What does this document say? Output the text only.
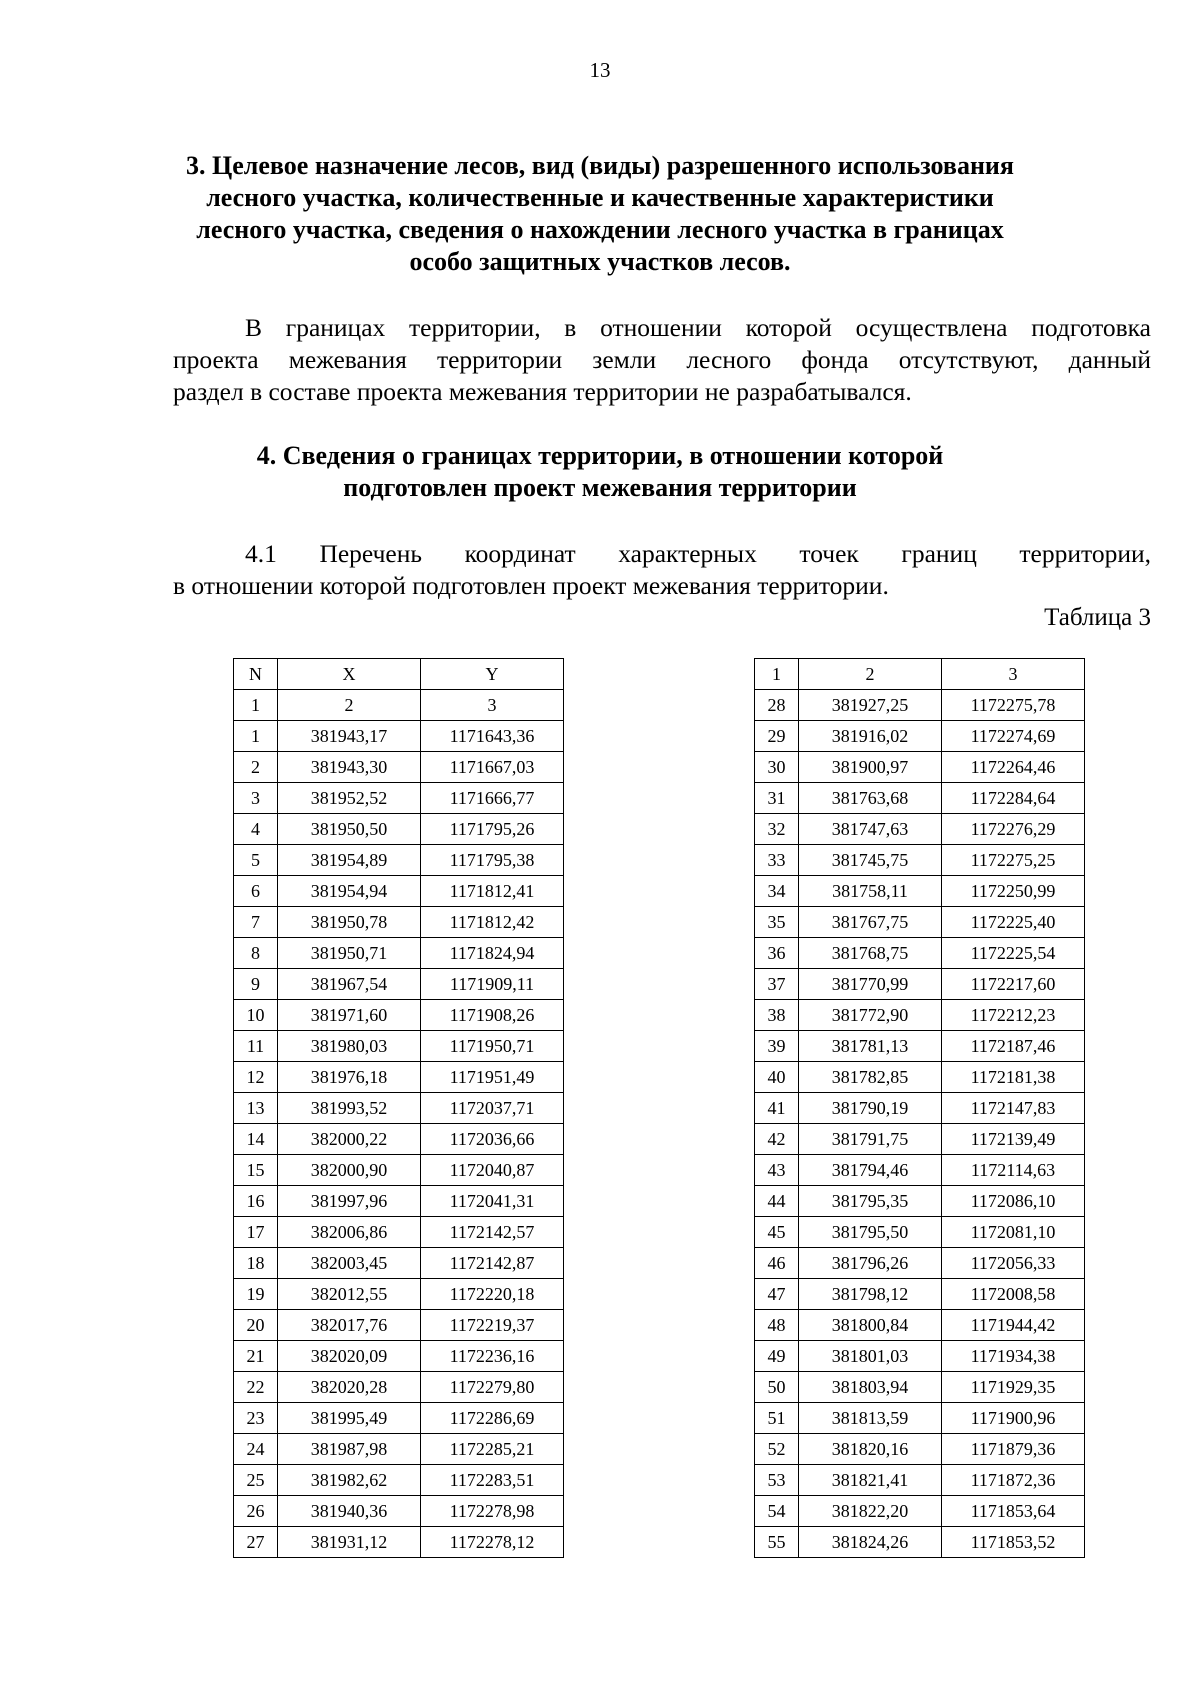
13
3. Целевое назначение лесов, вид (виды) разрешенного использования
лесного участка, количественные и качественные характеристики
лесного участка, сведения о нахождении лесного участка в границах
особо защитных участков лесов.
В границах территории, в отношении которой осуществлена подготовка
проекта межевания территории земли лесного фонда отсутствуют, данный
раздел в составе проекта межевания территории не разрабатывался.
4. Сведения о границах территории, в отношении которой
подготовлен проект межевания территории
4.1 Перечень координат характерных точек границ территории,
в отношении которой подготовлен проект межевания территории.
Таблица 3
N	X	Y
1	2	3
1	381943,17	1171643,36
2	381943,30	1171667,03
3	381952,52	1171666,77
4	381950,50	1171795,26
5	381954,89	1171795,38
6	381954,94	1171812,41
7	381950,78	1171812,42
8	381950,71	1171824,94
9	381967,54	1171909,11
10	381971,60	1171908,26
11	381980,03	1171950,71
12	381976,18	1171951,49
13	381993,52	1172037,71
14	382000,22	1172036,66
15	382000,90	1172040,87
16	381997,96	1172041,31
17	382006,86	1172142,57
18	382003,45	1172142,87
19	382012,55	1172220,18
20	382017,76	1172219,37
21	382020,09	1172236,16
22	382020,28	1172279,80
23	381995,49	1172286,69
24	381987,98	1172285,21
25	381982,62	1172283,51
26	381940,36	1172278,98
27	381931,12	1172278,12
1	2	3
28	381927,25	1172275,78
29	381916,02	1172274,69
30	381900,97	1172264,46
31	381763,68	1172284,64
32	381747,63	1172276,29
33	381745,75	1172275,25
34	381758,11	1172250,99
35	381767,75	1172225,40
36	381768,75	1172225,54
37	381770,99	1172217,60
38	381772,90	1172212,23
39	381781,13	1172187,46
40	381782,85	1172181,38
41	381790,19	1172147,83
42	381791,75	1172139,49
43	381794,46	1172114,63
44	381795,35	1172086,10
45	381795,50	1172081,10
46	381796,26	1172056,33
47	381798,12	1172008,58
48	381800,84	1171944,42
49	381801,03	1171934,38
50	381803,94	1171929,35
51	381813,59	1171900,96
52	381820,16	1171879,36
53	381821,41	1171872,36
54	381822,20	1171853,64
55	381824,26	1171853,52
